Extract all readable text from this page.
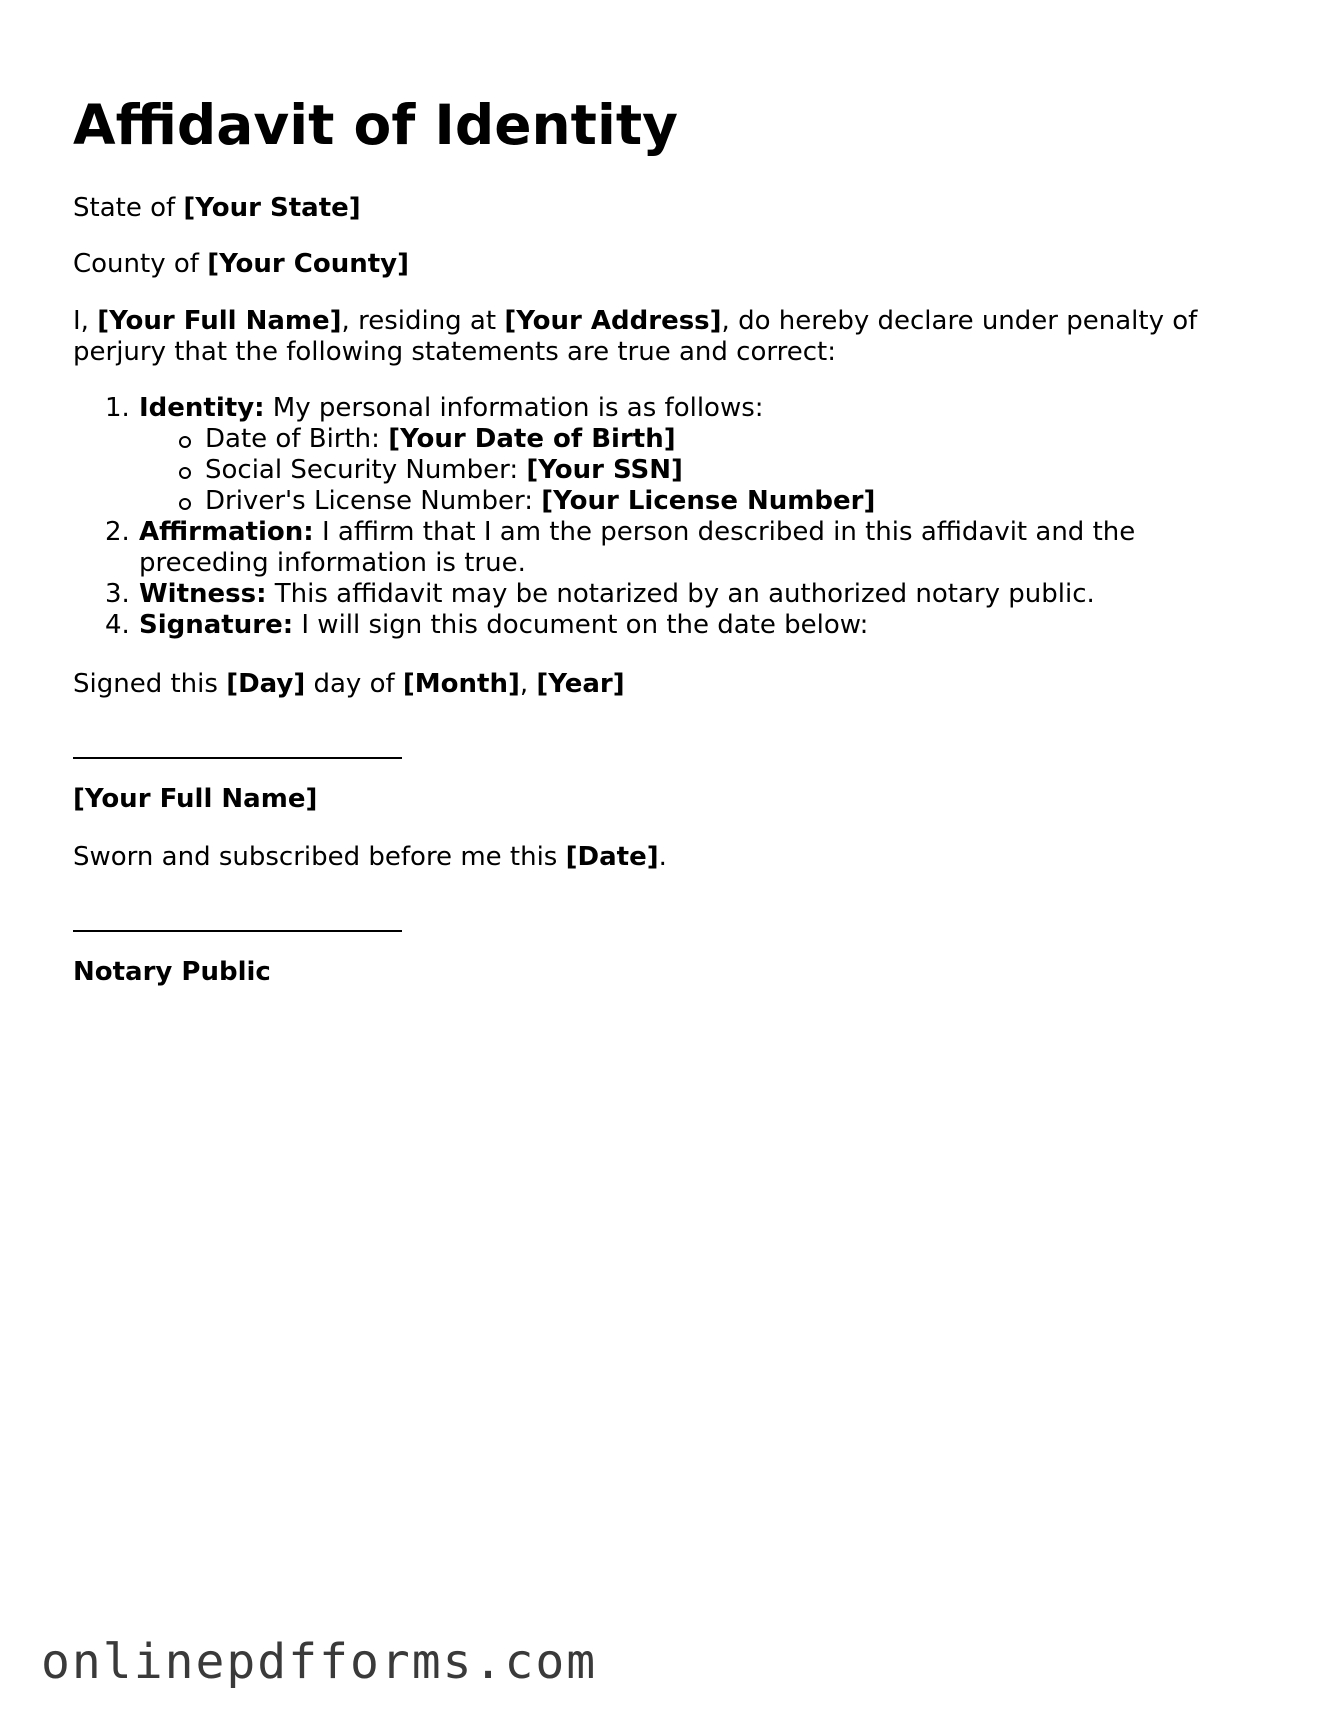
Affidavit of Identity

State of [Your State]

County of [Your County]

I, [Your Full Name], residing at [Your Address], do hereby declare under penalty of perjury that the following statements are true and correct:

1. Identity: My personal information is as follows:
Date of Birth: [Your Date of Birth]
Social Security Number: [Your SSN]
Driver's License Number: [Your License Number]
2. Affirmation: I affirm that I am the person described in this affidavit and the preceding information is true.
3. Witness: This affidavit may be notarized by an authorized notary public.
4. Signature: I will sign this document on the date below:

Signed this [Day] day of [Month], [Year]

[Your Full Name]

Sworn and subscribed before me this [Date].

Notary Public

onlinepdfforms.com
